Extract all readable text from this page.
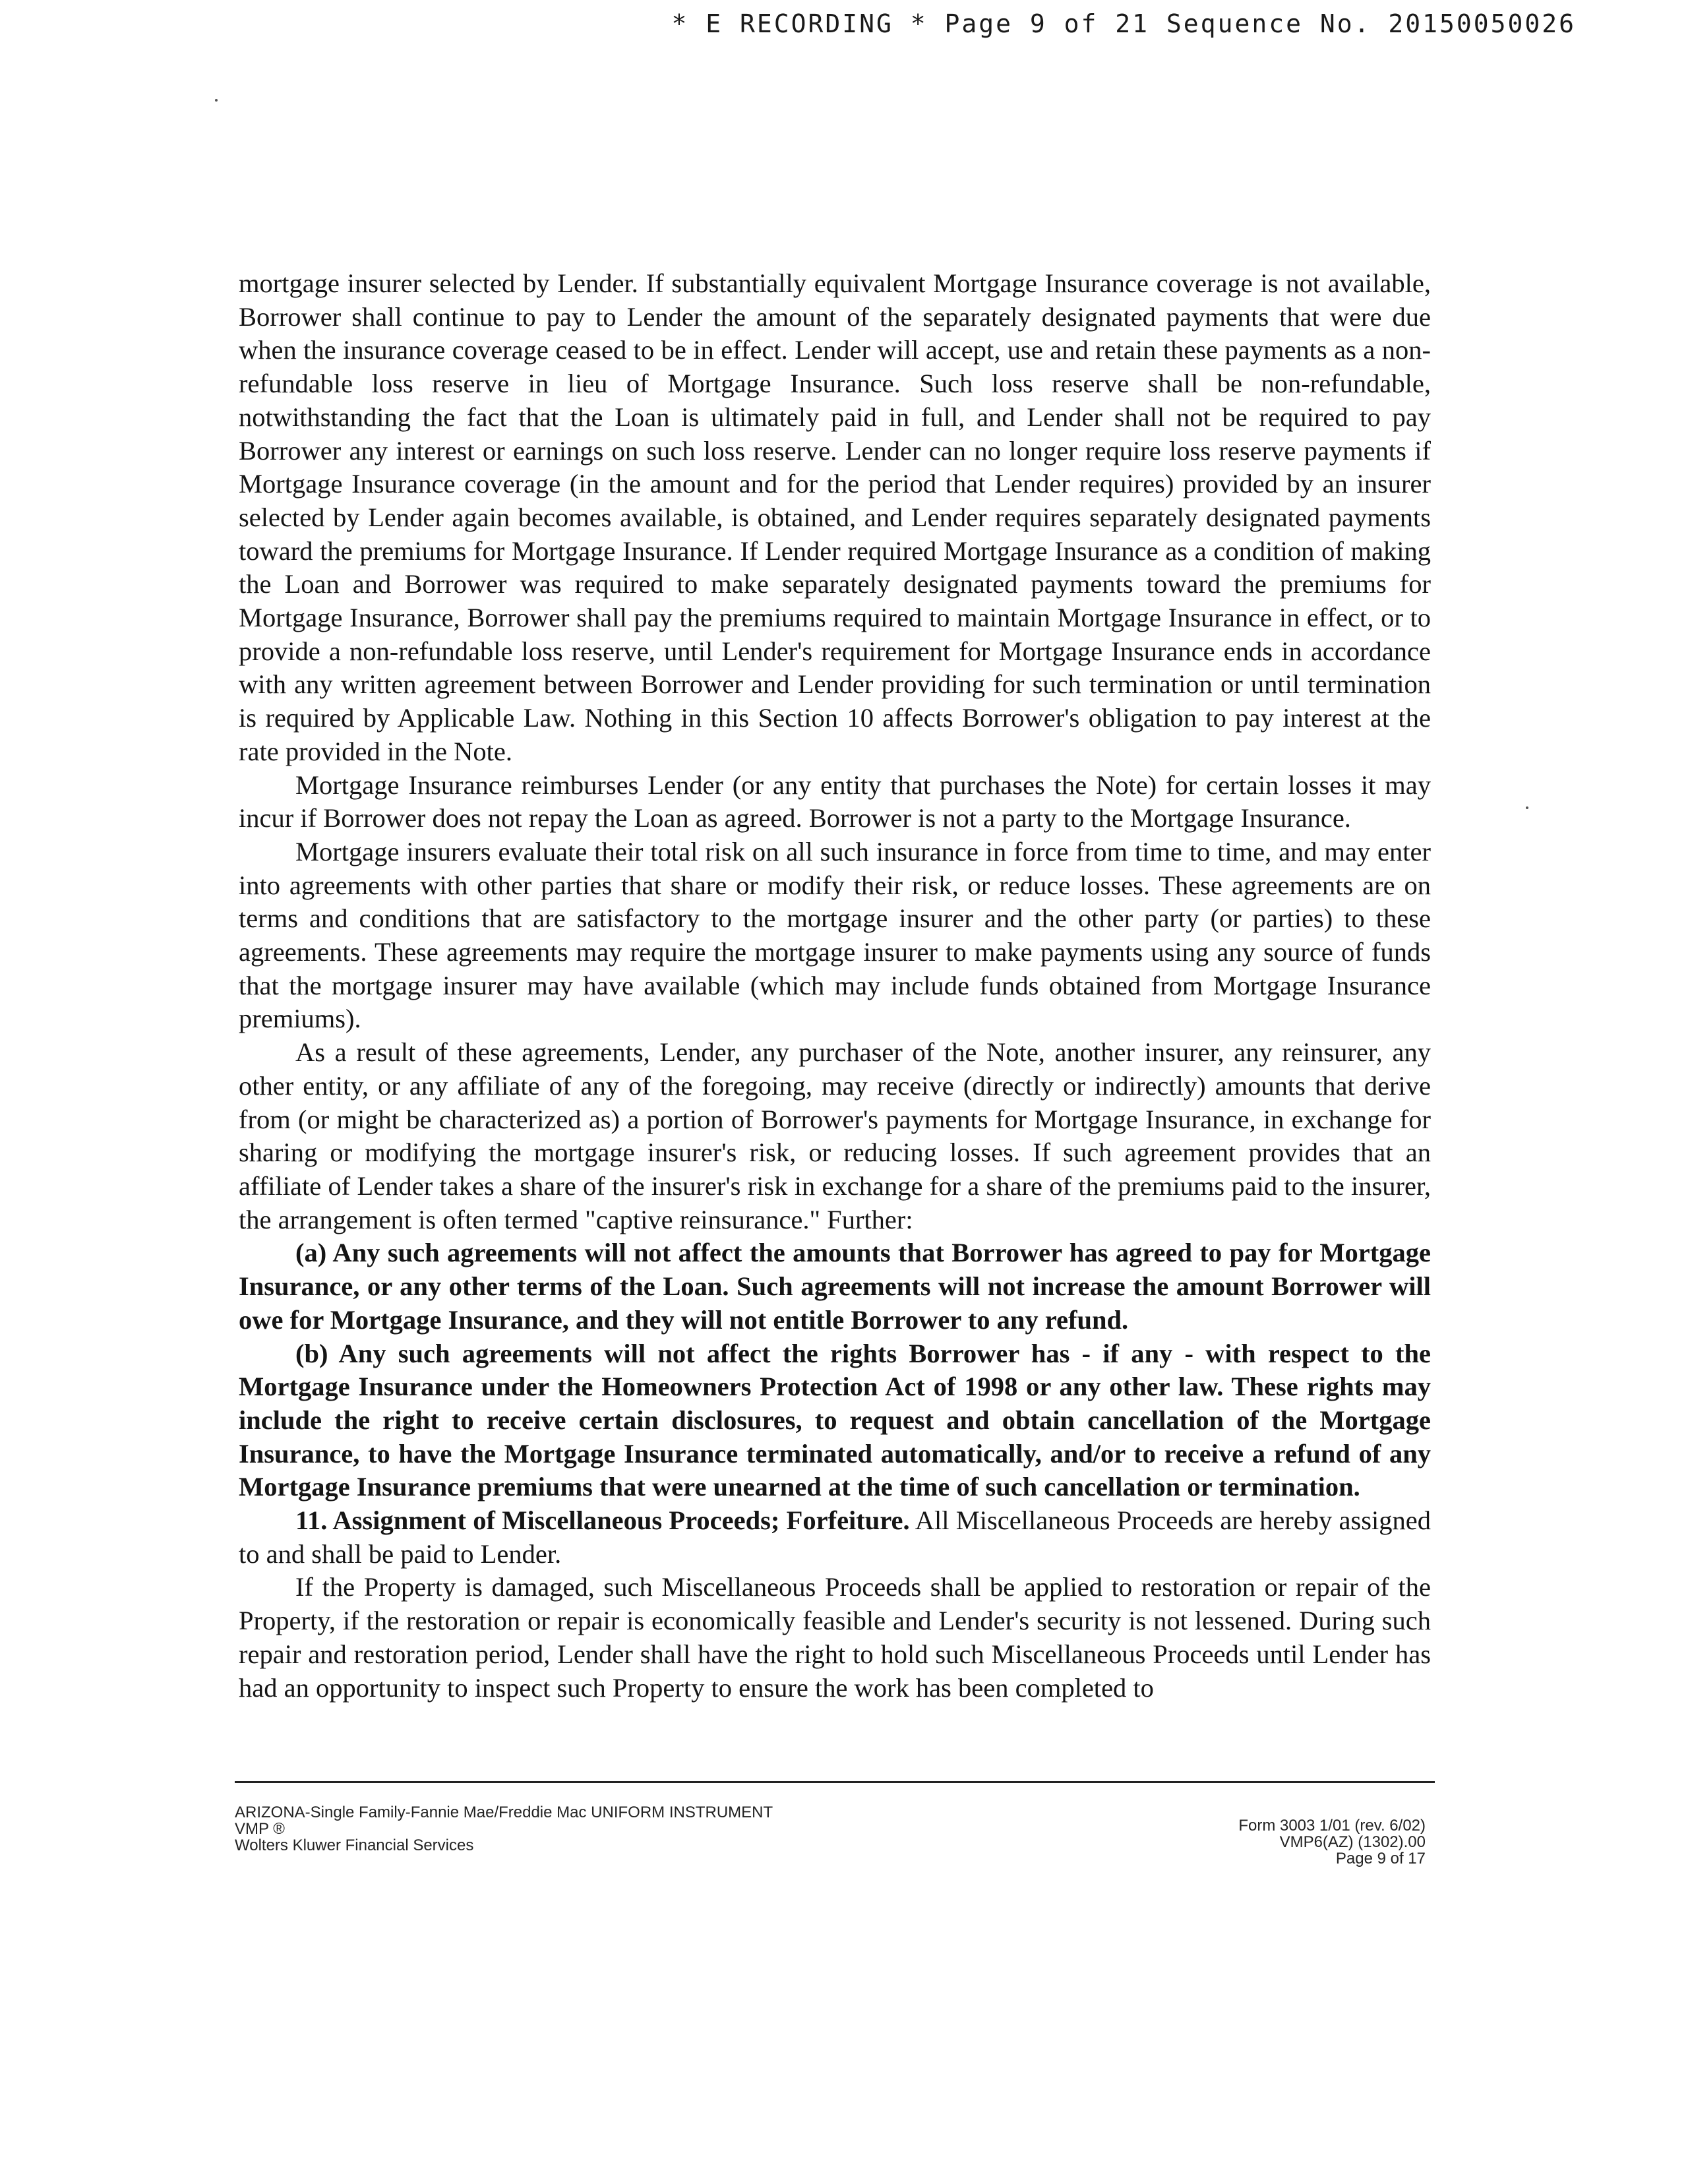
* E RECORDING * Page 9 of 21 Sequence No. 20150050026

mortgage insurer selected by Lender. If substantially equivalent Mortgage Insurance coverage is not available, Borrower shall continue to pay to Lender the amount of the separately designated payments that were due when the insurance coverage ceased to be in effect. Lender will accept, use and retain these payments as a non-refundable loss reserve in lieu of Mortgage Insurance. Such loss reserve shall be non-refundable, notwithstanding the fact that the Loan is ultimately paid in full, and Lender shall not be required to pay Borrower any interest or earnings on such loss reserve. Lender can no longer require loss reserve payments if Mortgage Insurance coverage (in the amount and for the period that Lender requires) provided by an insurer selected by Lender again becomes available, is obtained, and Lender requires separately designated payments toward the premiums for Mortgage Insurance. If Lender required Mortgage Insurance as a condition of making the Loan and Borrower was required to make separately designated payments toward the premiums for Mortgage Insurance, Borrower shall pay the premiums required to maintain Mortgage Insurance in effect, or to provide a non-refundable loss reserve, until Lender's requirement for Mortgage Insurance ends in accordance with any written agreement between Borrower and Lender providing for such termination or until termination is required by Applicable Law. Nothing in this Section 10 affects Borrower's obligation to pay interest at the rate provided in the Note.

Mortgage Insurance reimburses Lender (or any entity that purchases the Note) for certain losses it may incur if Borrower does not repay the Loan as agreed. Borrower is not a party to the Mortgage Insurance.

Mortgage insurers evaluate their total risk on all such insurance in force from time to time, and may enter into agreements with other parties that share or modify their risk, or reduce losses. These agreements are on terms and conditions that are satisfactory to the mortgage insurer and the other party (or parties) to these agreements. These agreements may require the mortgage insurer to make payments using any source of funds that the mortgage insurer may have available (which may include funds obtained from Mortgage Insurance premiums).

As a result of these agreements, Lender, any purchaser of the Note, another insurer, any reinsurer, any other entity, or any affiliate of any of the foregoing, may receive (directly or indirectly) amounts that derive from (or might be characterized as) a portion of Borrower's payments for Mortgage Insurance, in exchange for sharing or modifying the mortgage insurer's risk, or reducing losses. If such agreement provides that an affiliate of Lender takes a share of the insurer's risk in exchange for a share of the premiums paid to the insurer, the arrangement is often termed "captive reinsurance." Further:

(a) Any such agreements will not affect the amounts that Borrower has agreed to pay for Mortgage Insurance, or any other terms of the Loan. Such agreements will not increase the amount Borrower will owe for Mortgage Insurance, and they will not entitle Borrower to any refund.

(b) Any such agreements will not affect the rights Borrower has - if any - with respect to the Mortgage Insurance under the Homeowners Protection Act of 1998 or any other law. These rights may include the right to receive certain disclosures, to request and obtain cancellation of the Mortgage Insurance, to have the Mortgage Insurance terminated automatically, and/or to receive a refund of any Mortgage Insurance premiums that were unearned at the time of such cancellation or termination.

11. Assignment of Miscellaneous Proceeds; Forfeiture. All Miscellaneous Proceeds are hereby assigned to and shall be paid to Lender.

If the Property is damaged, such Miscellaneous Proceeds shall be applied to restoration or repair of the Property, if the restoration or repair is economically feasible and Lender's security is not lessened. During such repair and restoration period, Lender shall have the right to hold such Miscellaneous Proceeds until Lender has had an opportunity to inspect such Property to ensure the work has been completed to

ARIZONA-Single Family-Fannie Mae/Freddie Mac UNIFORM INSTRUMENT
VMP ®
Wolters Kluwer Financial Services
Form 3003 1/01 (rev. 6/02)
VMP6(AZ) (1302).00
Page 9 of 17
